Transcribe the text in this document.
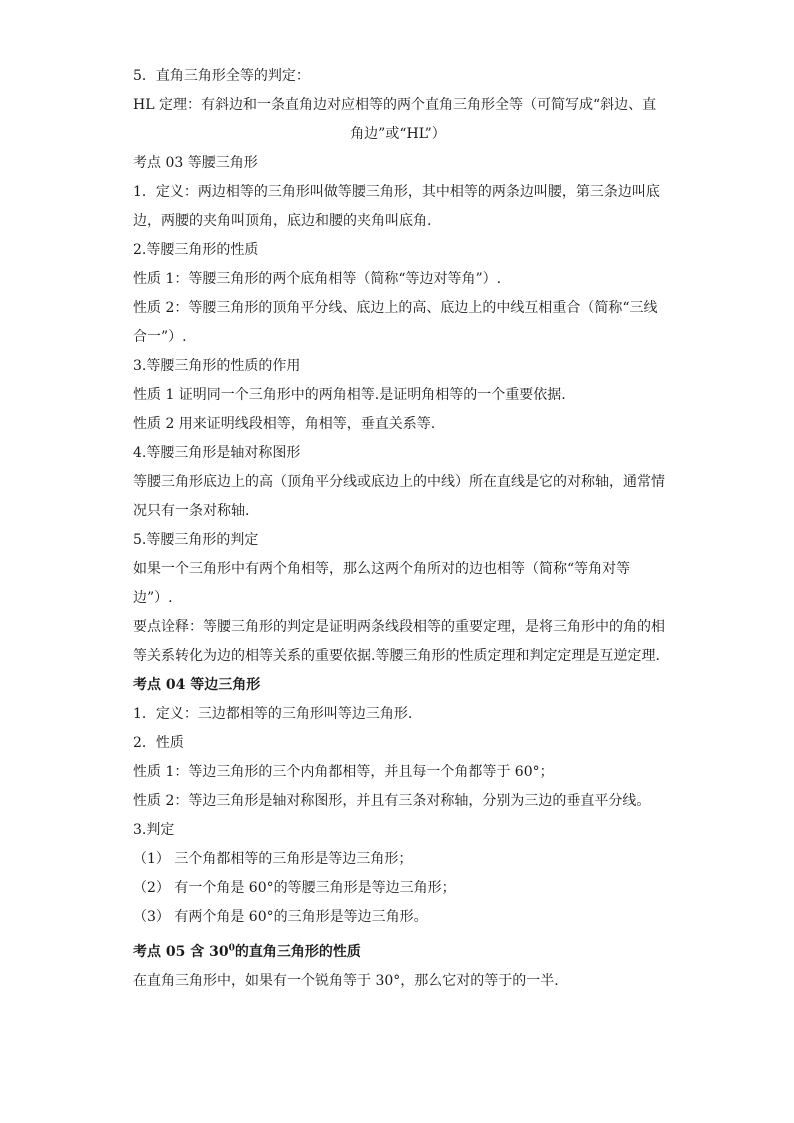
5．直角三角形全等的判定：
HL 定理：有斜边和一条直角边对应相等的两个直角三角形全等（可简写成“斜边、直
角边”或“HL”）
考点 03 等腰三角形
1．定义：两边相等的三角形叫做等腰三角形，其中相等的两条边叫腰，第三条边叫底
边，两腰的夹角叫顶角，底边和腰的夹角叫底角.
2.等腰三角形的性质
性质 1：等腰三角形的两个底角相等（简称“等边对等角”）.
性质 2：等腰三角形的顶角平分线、底边上的高、底边上的中线互相重合（简称“三线
合一”）.
3.等腰三角形的性质的作用
性质 1 证明同一个三角形中的两角相等.是证明角相等的一个重要依据.
性质 2 用来证明线段相等，角相等，垂直关系等.
4.等腰三角形是轴对称图形
等腰三角形底边上的高（顶角平分线或底边上的中线）所在直线是它的对称轴，通常情
况只有一条对称轴.
5.等腰三角形的判定
如果一个三角形中有两个角相等，那么这两个角所对的边也相等（简称“等角对等
边”）.
要点诠释：等腰三角形的判定是证明两条线段相等的重要定理，是将三角形中的角的相
等关系转化为边的相等关系的重要依据.等腰三角形的性质定理和判定定理是互逆定理.
考点 04 等边三角形
1．定义：三边都相等的三角形叫等边三角形.
2．性质
性质 1：等边三角形的三个内角都相等，并且每一个角都等于 60°；
性质 2：等边三角形是轴对称图形，并且有三条对称轴，分别为三边的垂直平分线。
3.判定
（1） 三个角都相等的三角形是等边三角形；
（2） 有一个角是 60°的等腰三角形是等边三角形；
（3） 有两个角是 60°的三角形是等边三角形。
考点 05 含 $30^0$的直角三角形的性质
在直角三角形中，如果有一个锐角等于 30°，那么它对的等于的一半.
